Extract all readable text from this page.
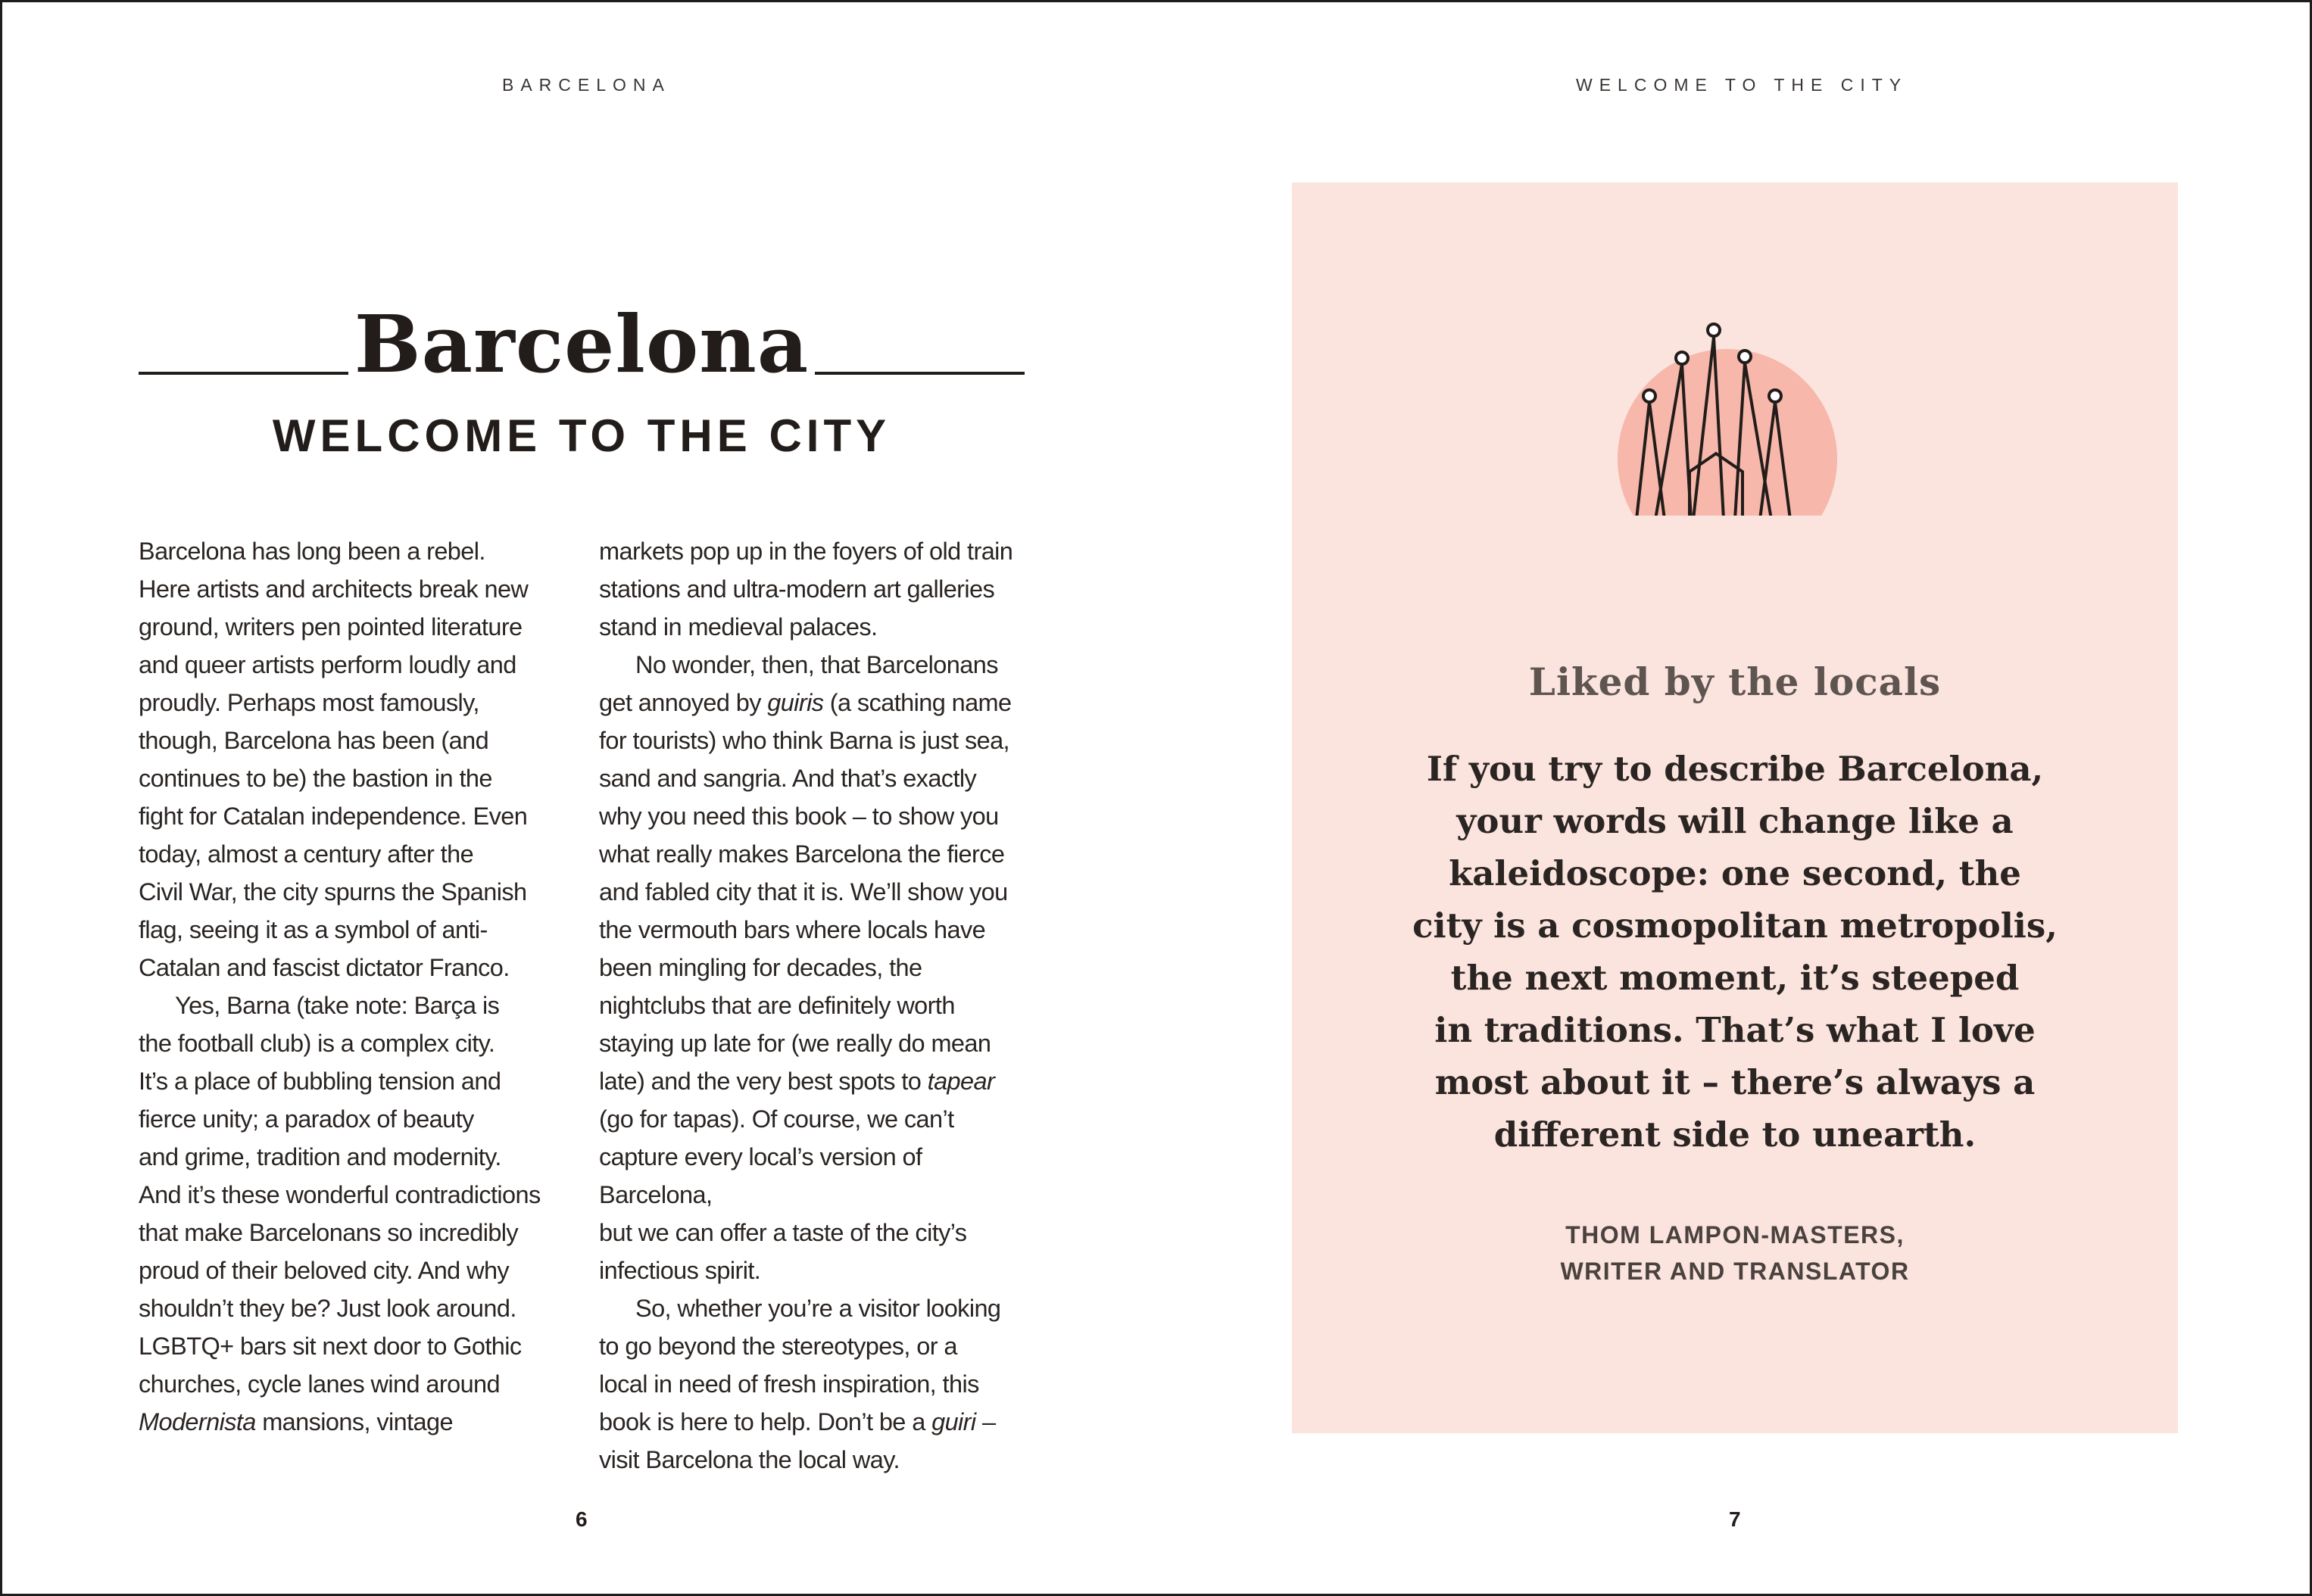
BARCELONA	WELCOME TO THE CITY
Barcelona
WELCOME TO THE CITY

Barcelona has long been a rebel.
Here artists and architects break new
ground, writers pen pointed literature
and queer artists perform loudly and
proudly. Perhaps most famously,
though, Barcelona has been (and
continues to be) the bastion in the
fight for Catalan independence. Even
today, almost a century after the
Civil War, the city spurns the Spanish
flag, seeing it as a symbol of anti-
Catalan and fascist dictator Franco.

Yes, Barna (take note: Barça is
the football club) is a complex city.
It’s a place of bubbling tension and
fierce unity; a paradox of beauty
and grime, tradition and modernity.
And it’s these wonderful contradictions
that make Barcelonans so incredibly
proud of their beloved city. And why
shouldn’t they be? Just look around.
LGBTQ+ bars sit next door to Gothic
churches, cycle lanes wind around
Modernista mansions, vintage

markets pop up in the foyers of old train
stations and ultra-modern art galleries
stand in medieval palaces.

No wonder, then, that Barcelonans
get annoyed by guiris (a scathing name
for tourists) who think Barna is just sea,
sand and sangria. And that’s exactly
why you need this book – to show you
what really makes Barcelona the fierce
and fabled city that it is. We’ll show you
the vermouth bars where locals have
been mingling for decades, the
nightclubs that are definitely worth
staying up late for (we really do mean
late) and the very best spots to tapear
(go for tapas). Of course, we can’t
capture every local’s version of Barcelona,
but we can offer a taste of the city’s
infectious spirit.

So, whether you’re a visitor looking
to go beyond the stereotypes, or a
local in need of fresh inspiration, this
book is here to help. Don’t be a guiri –
visit Barcelona the local way.

Liked by the locals
If you try to describe Barcelona,
your words will change like a
kaleidoscope: one second, the
city is a cosmopolitan metropolis,
the next moment, it’s steeped
in traditions. That’s what I love
most about it – there’s always a
different side to unearth.
THOM LAMPON-MASTERS,
WRITER AND TRANSLATOR
6	7
